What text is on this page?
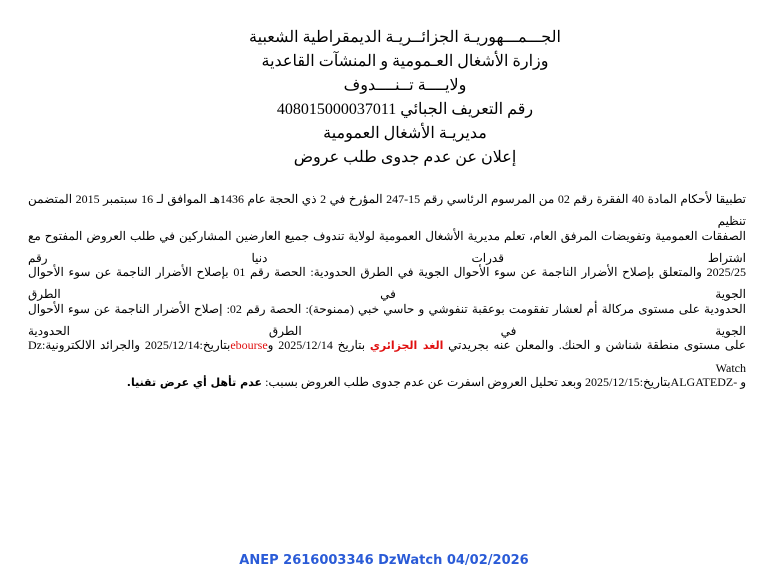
الجـــمـــهوريـة الجزائــريـة الديمقراطية الشعبية
وزارة الأشغال العـمومية و المنشآت القاعدية
ولايــــة تــنــــدوف
رقم التعريف الجبائي 408015000037011
مديريـة الأشغال العمومية
إعلان عن عدم جدوى طلب عروض
تطبيقا لأحكام المادة 40 الفقرة رقم 02 من المرسوم الرئاسي رقم 15-247 المؤرخ في 2 ذي الحجة عام 1436هـ الموافق لـ 16 سبتمبر 2015 المتضمن تنظيم
الصفقات العمومية وتفويضات المرفق العام، تعلم مديرية الأشغال العمومية لولاية تندوف جميع العارضين المشاركين في طلب العروض المفتوح مع اشتراط قدرات دنيا رقم
2025/25 والمتعلق بإصلاح الأضرار الناجمة عن سوء الأحوال الجوية في الطرق الحدودية: الحصة رقم 01 بإصلاح الأضرار الناجمة عن سوء الأحوال الجوية في الطرق
الحدودية على مستوى مركالة أم لعشار تفقومت بوعقبة تنفوشي و حاسي خبي (ممنوحة): الحصة رقم 02: إصلاح الأضرار الناجمة عن سوء الأحوال الجوية في الطرق الحدودية
على مستوى منطقة شناشن و الحنك. والمعلن عنه بجريدتي الغد الجزائري بتاريخ 2025/12/14 وebourseبتاريخ:2025/12/14 والجرائد الالكترونية:Dz Watch
و -ALGATEDZبتاريخ:2025/12/15 وبعد تحليل العروض اسفرت عن عدم جدوى طلب العروض بسبب: عدم تأهل أي عرض تقنيا.
ANEP 2616003346 DzWatch 04/02/2026
